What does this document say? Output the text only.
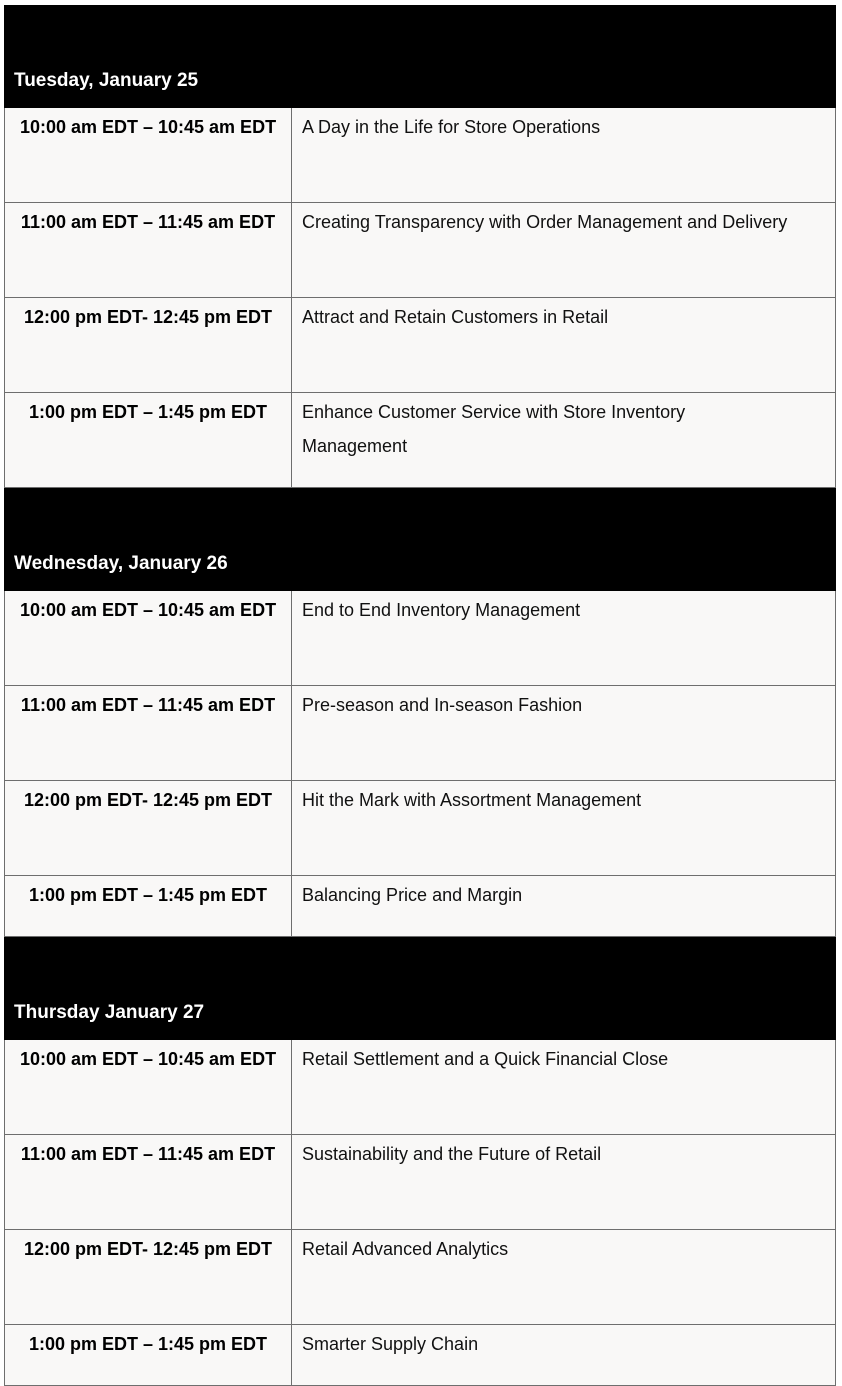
Tuesday, January 25
10:00 am EDT – 10:45 am EDT	A Day in the Life for Store Operations
11:00 am EDT – 11:45 am EDT	Creating Transparency with Order Management and Delivery
12:00 pm EDT- 12:45 pm EDT	Attract and Retain Customers in Retail
1:00 pm EDT – 1:45 pm EDT	Enhance Customer Service with Store Inventory Management
Wednesday, January 26
10:00 am EDT – 10:45 am EDT	End to End Inventory Management
11:00 am EDT – 11:45 am EDT	Pre-season and In-season Fashion
12:00 pm EDT- 12:45 pm EDT	Hit the Mark with Assortment Management
1:00 pm EDT – 1:45 pm EDT	Balancing Price and Margin
Thursday January 27
10:00 am EDT – 10:45 am EDT	Retail Settlement and a Quick Financial Close
11:00 am EDT – 11:45 am EDT	Sustainability and the Future of Retail
12:00 pm EDT- 12:45 pm EDT	Retail Advanced Analytics
1:00 pm EDT – 1:45 pm EDT	Smarter Supply Chain
